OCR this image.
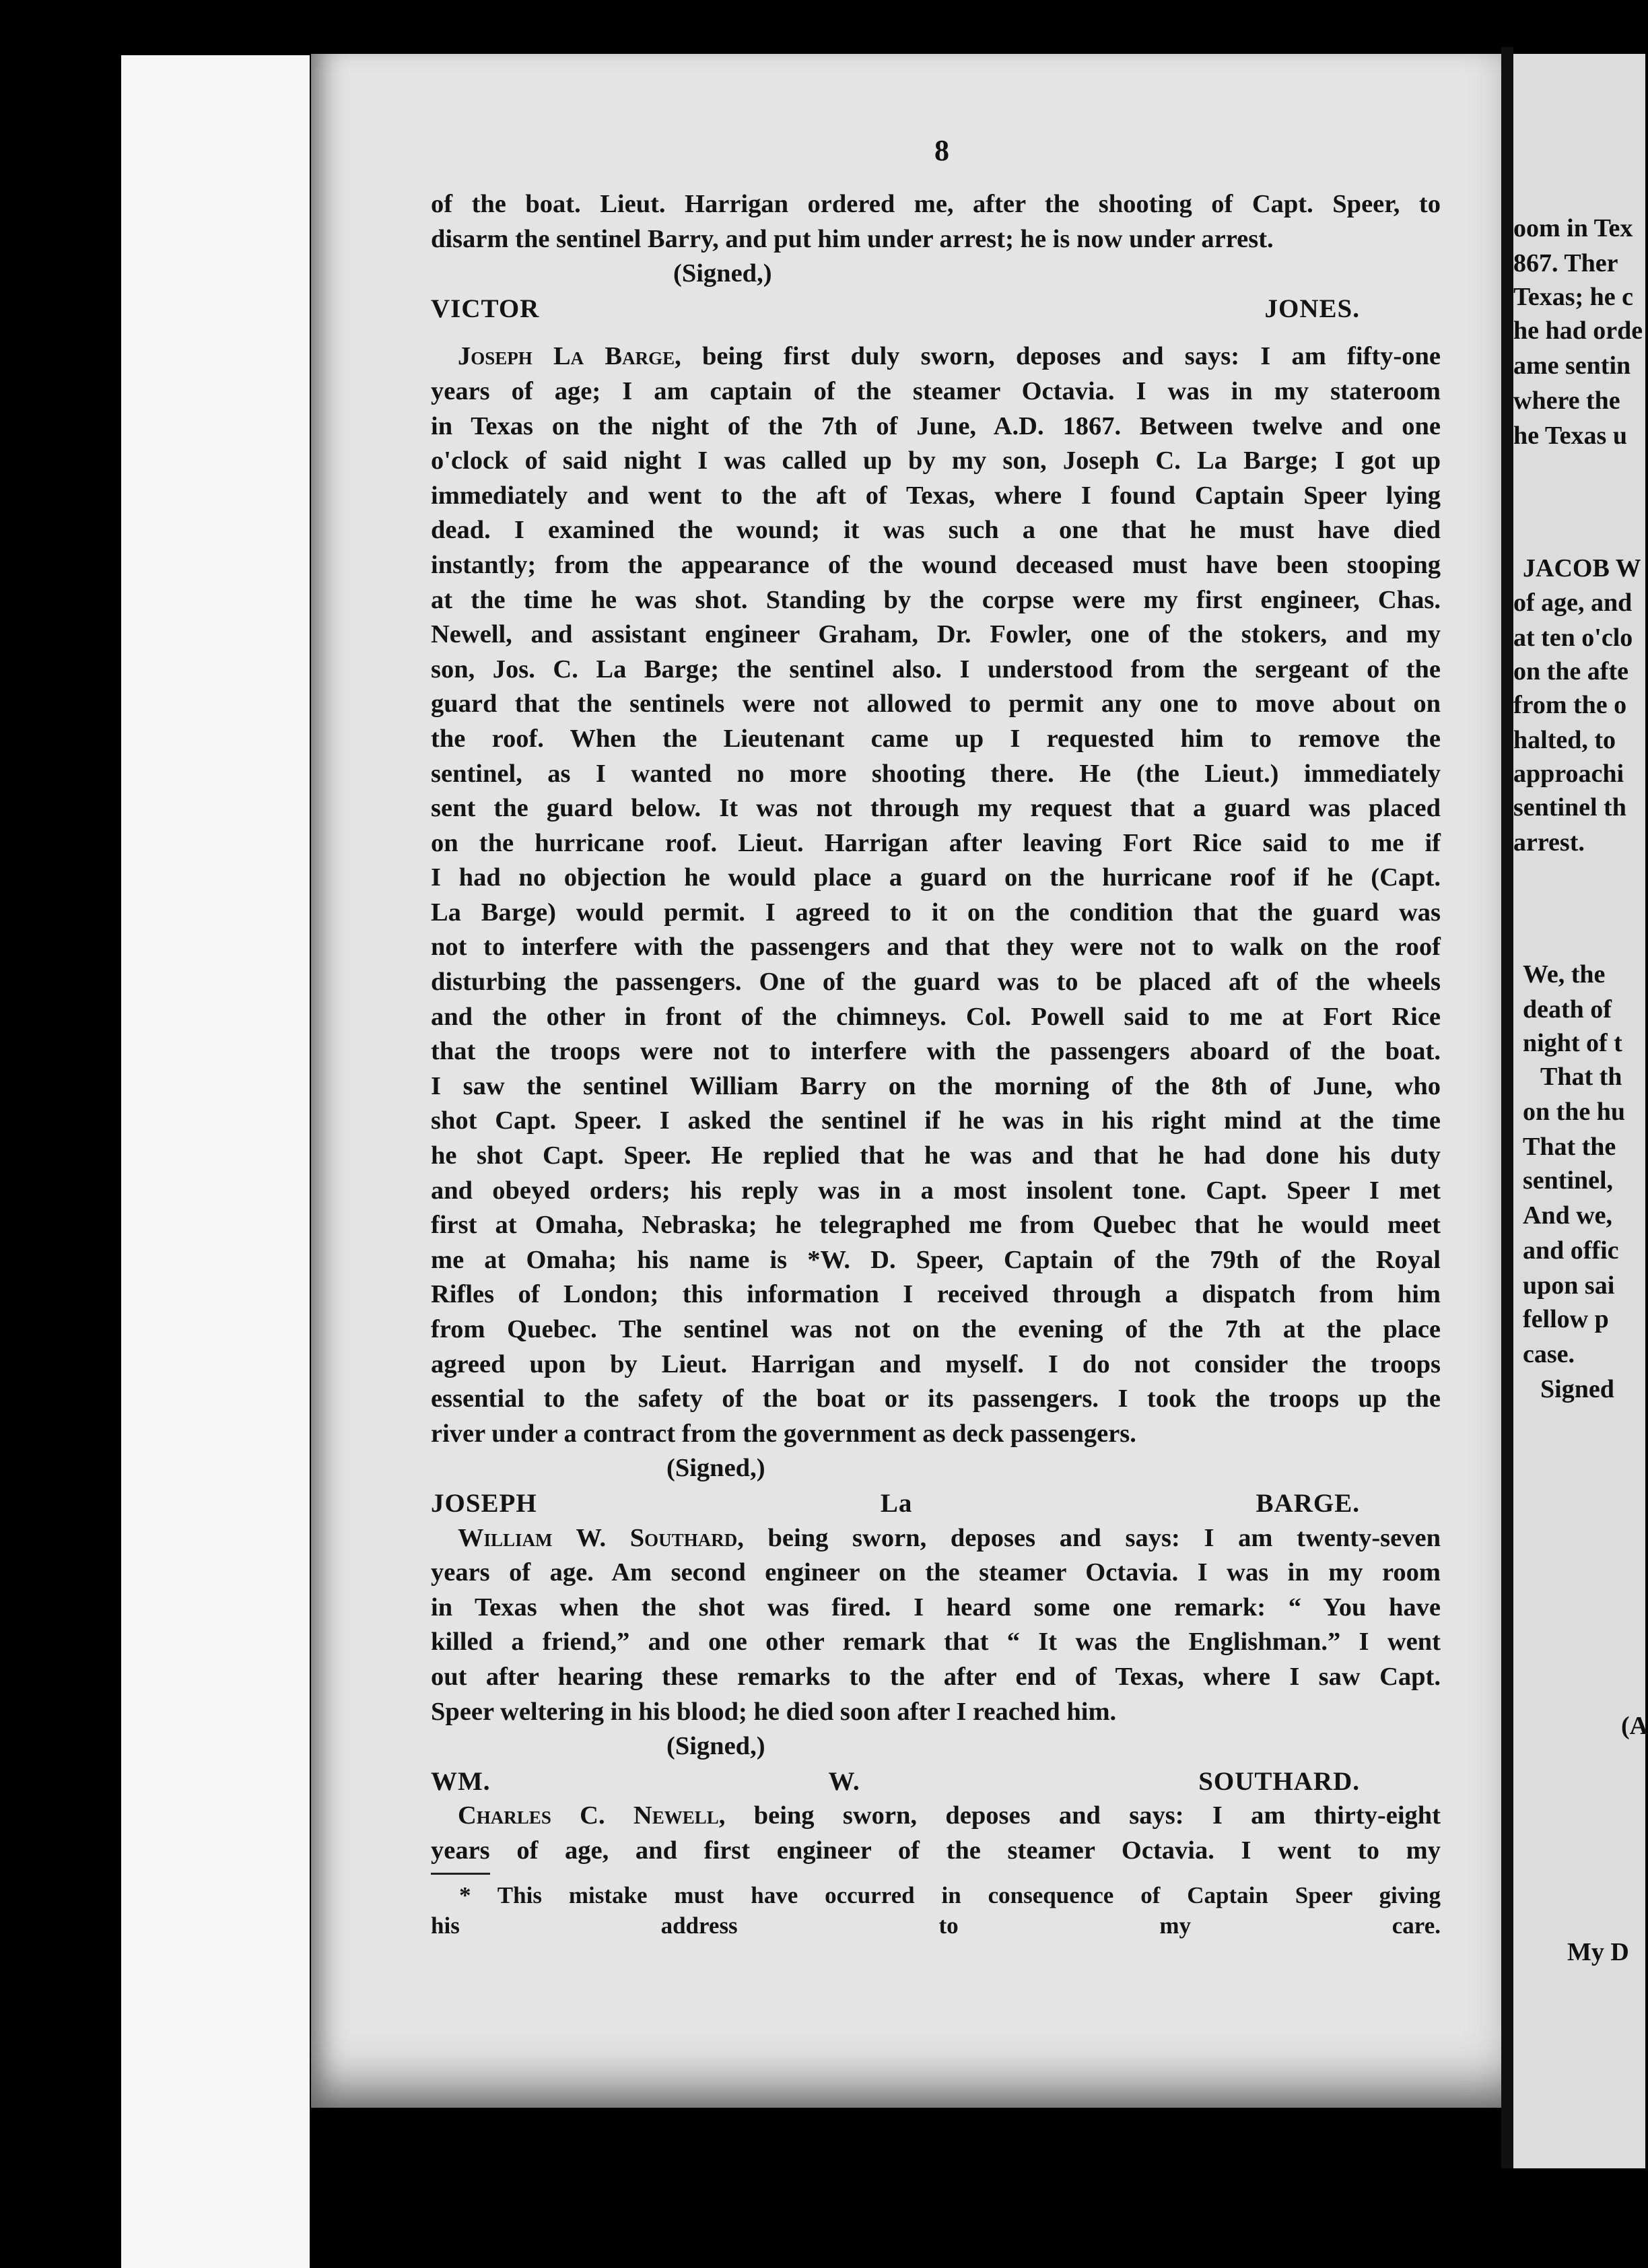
8

of the boat. Lieut. Harrigan ordered me, after the shooting of Capt. Speer, to

disarm the sentinel Barry, and put him under arrest; he is now under arrest.

(Signed,)

VICTOR JONES.

Joseph La Barge, being first duly sworn, deposes and says: I am fifty-one

years of age; I am captain of the steamer Octavia. I was in my stateroom

in Texas on the night of the 7th of June, A.D. 1867. Between twelve and one

o'clock of said night I was called up by my son, Joseph C. La Barge; I got up

immediately and went to the aft of Texas, where I found Captain Speer lying

dead. I examined the wound; it was such a one that he must have died

instantly; from the appearance of the wound deceased must have been stooping

at the time he was shot. Standing by the corpse were my first engineer, Chas.

Newell, and assistant engineer Graham, Dr. Fowler, one of the stokers, and my

son, Jos. C. La Barge; the sentinel also. I understood from the sergeant of the

guard that the sentinels were not allowed to permit any one to move about on

the roof. When the Lieutenant came up I requested him to remove the

sentinel, as I wanted no more shooting there. He (the Lieut.) immediately

sent the guard below. It was not through my request that a guard was placed

on the hurricane roof. Lieut. Harrigan after leaving Fort Rice said to me if

I had no objection he would place a guard on the hurricane roof if he (Capt.

La Barge) would permit. I agreed to it on the condition that the guard was

not to interfere with the passengers and that they were not to walk on the roof

disturbing the passengers. One of the guard was to be placed aft of the wheels

and the other in front of the chimneys. Col. Powell said to me at Fort Rice

that the troops were not to interfere with the passengers aboard of the boat.

I saw the sentinel William Barry on the morning of the 8th of June, who

shot Capt. Speer. I asked the sentinel if he was in his right mind at the time

he shot Capt. Speer. He replied that he was and that he had done his duty

and obeyed orders; his reply was in a most insolent tone. Capt. Speer I met

first at Omaha, Nebraska; he telegraphed me from Quebec that he would meet

me at Omaha; his name is *W. D. Speer, Captain of the 79th of the Royal

Rifles of London; this information I received through a dispatch from him

from Quebec. The sentinel was not on the evening of the 7th at the place

agreed upon by Lieut. Harrigan and myself. I do not consider the troops

essential to the safety of the boat or its passengers. I took the troops up the

river under a contract from the government as deck passengers.

(Signed,)

JOSEPH La BARGE.

William W. Southard, being sworn, deposes and says: I am twenty-seven

years of age. Am second engineer on the steamer Octavia. I was in my room

in Texas when the shot was fired. I heard some one remark: “ You have

killed a friend,” and one other remark that “ It was the Englishman.” I went

out after hearing these remarks to the after end of Texas, where I saw Capt.

Speer weltering in his blood; he died soon after I reached him.

(Signed,)

WM. W. SOUTHARD.

Charles C. Newell, being sworn, deposes and says: I am thirty-eight

years of age, and first engineer of the steamer Octavia. I went to my

* This mistake must have occurred in consequence of Captain Speer giving

his address to my care.

oom in Tex
867. Ther
Texas; he c
he had orde
ame sentin
where the
he Texas u
JACOB W
of age, and
at ten o'clo
on the afte
from the o
halted, to
approachi
sentinel th
arrest.
We, the
death of
night of t
That th
on the hu
That the
sentinel,
And we,
and offic
upon sai
fellow p
case.
Signed
(A
My D
